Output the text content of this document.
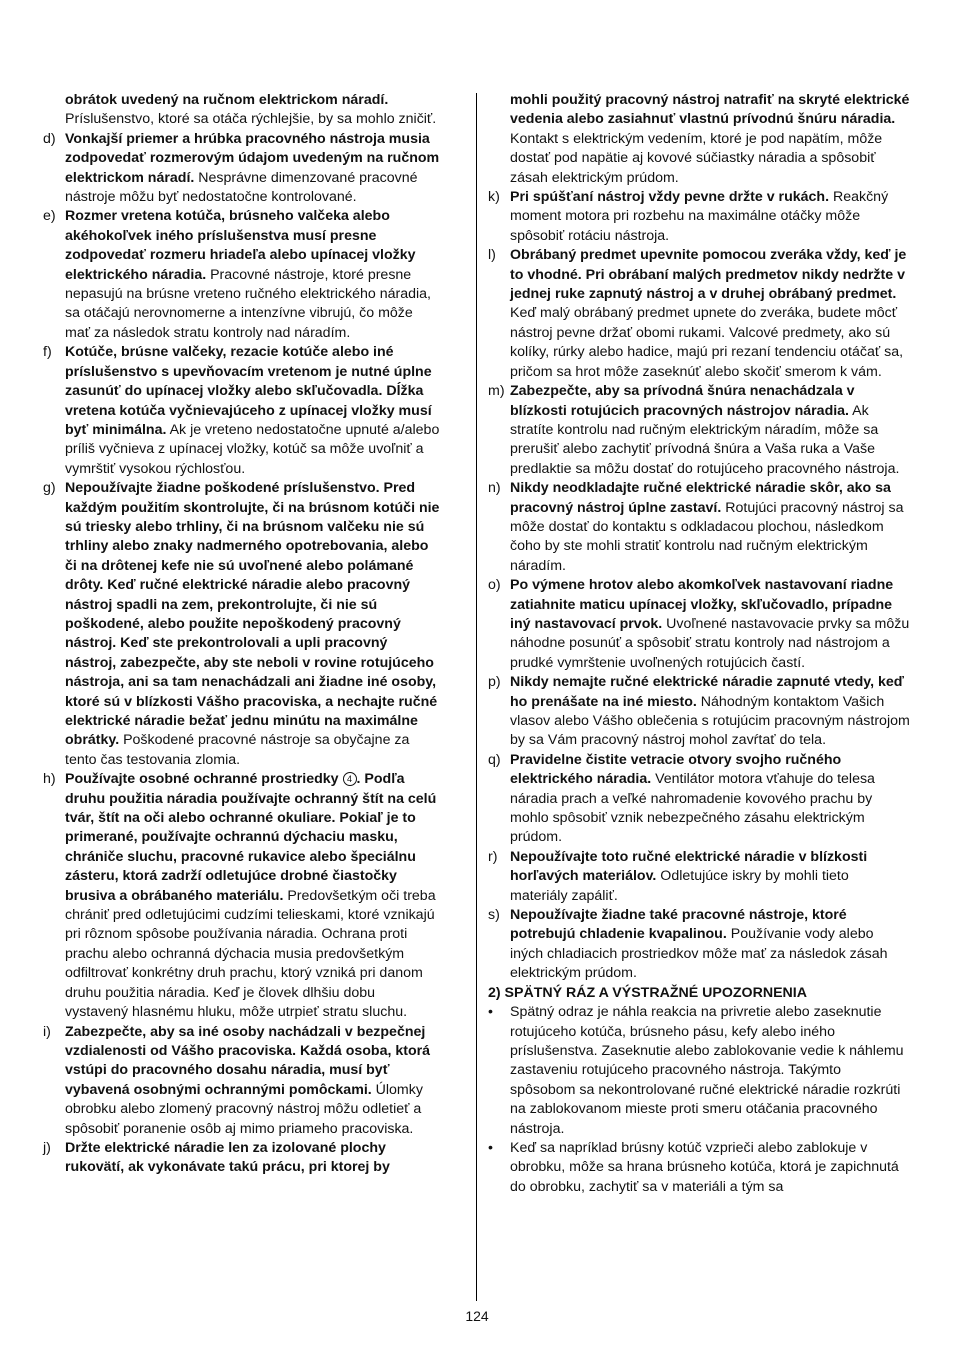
obrátok uvedený na ručnom elektrickom náradí. Príslušenstvo, ktoré sa otáča rýchlejšie, by sa mohlo zničiť.

d) Vonkajší priemer a hrúbka pracovného nástroja musia zodpovedať rozmerovým údajom uvedeným na ručnom elektrickom náradí. Nesprávne dimenzované pracovné nástroje môžu byť nedostatočne kontrolované.

e) Rozmer vretena kotúča, brúsneho valčeka alebo akéhokoľvek iného príslušenstva musí presne zodpovedať rozmeru hriadeľa alebo upínacej vložky elektrického náradia. Pracovné nástroje, ktoré presne nepasujú na brúsne vreteno ručného elektrického náradia, sa otáčajú nerovnomerne a intenzívne vibrujú, čo môže mať za následok stratu kontroly nad náradím.

f) Kotúče, brúsne valčeky, rezacie kotúče alebo iné príslušenstvo s upevňovacím vretenom je nutné úplne zasunúť do upínacej vložky alebo skľučovadla. Dĺžka vretena kotúča vyčnievajúceho z upínacej vložky musí byť minimálna. Ak je vreteno nedostatočne upnuté a/alebo príliš vyčnieva z upínacej vložky, kotúč sa môže uvoľniť a vymrštiť vysokou rýchlosťou.

g) Nepoužívajte žiadne poškodené príslušenstvo. Pred každým použitím skontrolujte, či na brúsnom kotúči nie sú triesky alebo trhliny, či na brúsnom valčeku nie sú trhliny alebo znaky nadmerného opotrebovania, alebo či na drôtenej kefe nie sú uvoľnené alebo polámané drôty. Keď ručné elektrické náradie alebo pracovný nástroj spadli na zem, prekontrolujte, či nie sú poškodené, alebo použite nepoškodený pracovný nástroj. Keď ste prekontrolovali a upli pracovný nástroj, zabezpečte, aby ste neboli v rovine rotujúceho nástroja, ani sa tam nenachádzali ani žiadne iné osoby, ktoré sú v blízkosti Vášho pracoviska, a nechajte ručné elektrické náradie bežať jednu minútu na maximálne obrátky. Poškodené pracovné nástroje sa obyčajne za tento čas testovania zlomia.

h) Používajte osobné ochranné prostriedky 4 . Podľa druhu použitia náradia používajte ochranný štít na celú tvár, štít na oči alebo ochranné okuliare. Pokiaľ je to primerané, používajte ochrannú dýchaciu masku, chrániče sluchu, pracovné rukavice alebo špeciálnu zásteru, ktorá zadrží odletujúce drobné čiastočky brusiva a obrábaného materiálu. Predovšetkým oči treba chrániť pred odletujúcimi cudzími telieskami, ktoré vznikajú pri rôznom spôsobe používania náradia. Ochrana proti prachu alebo ochranná dýchacia musia predovšetkým odfiltrovať konkrétny druh prachu, ktorý vzniká pri danom druhu použitia náradia. Keď je človek dlhšiu dobu vystavený hlasnému hluku, môže utrpieť stratu sluchu.

i) Zabezpečte, aby sa iné osoby nachádzali v bezpečnej vzdialenosti od Vášho pracoviska. Každá osoba, ktorá vstúpi do pracovného dosahu náradia, musí byť vybavená osobnými ochrannými pomôckami. Úlomky obrobku alebo zlomený pracovný nástroj môžu odletieť a spôsobiť poranenie osôb aj mimo priameho pracoviska.

j) Držte elektrické náradie len za izolované plochy rukovätí, ak vykonávate takú prácu, pri ktorej by

mohli použitý pracovný nástroj natrafiť na skryté elektrické vedenia alebo zasiahnuť vlastnú prívodnú šnúru náradia. Kontakt s elektrickým vedením, ktoré je pod napätím, môže dostať pod napätie aj kovové súčiastky náradia a spôsobiť zásah elektrickým prúdom.

k) Pri spúšťaní nástroj vždy pevne držte v rukách. Reakčný moment motora pri rozbehu na maximálne otáčky môže spôsobiť rotáciu nástroja.

l) Obrábaný predmet upevnite pomocou zveráka vždy, keď je to vhodné. Pri obrábaní malých predmetov nikdy nedržte v jednej ruke zapnutý nástroj a v druhej obrábaný predmet. Keď malý obrábaný predmet upnete do zveráka, budete môcť nástroj pevne držať obomi rukami. Valcové predmety, ako sú kolíky, rúrky alebo hadice, majú pri rezaní tendenciu otáčať sa, pričom sa hrot môže zaseknúť alebo skočiť smerom k vám.

m) Zabezpečte, aby sa prívodná šnúra nenachádzala v blízkosti rotujúcich pracovných nástrojov náradia. Ak stratíte kontrolu nad ručným elektrickým náradím, môže sa prerušiť alebo zachytiť prívodná šnúra a Vaša ruka a Vaše predlaktie sa môžu dostať do rotujúceho pracovného nástroja.

n) Nikdy neodkladajte ručné elektrické náradie skôr, ako sa pracovný nástroj úplne zastaví. Rotujúci pracovný nástroj sa môže dostať do kontaktu s odkladacou plochou, následkom čoho by ste mohli stratiť kontrolu nad ručným elektrickým náradím.

o) Po výmene hrotov alebo akomkoľvek nastavovaní riadne zatiahnite maticu upínacej vložky, skľučovadlo, prípadne iný nastavovací prvok. Uvoľnené nastavovacie prvky sa môžu náhodne posunúť a spôsobiť stratu kontroly nad nástrojom a prudké vymrštenie uvoľnených rotujúcich častí.

p) Nikdy nemajte ručné elektrické náradie zapnuté vtedy, keď ho prenášate na iné miesto. Náhodným kontaktom Vašich vlasov alebo Vášho oblečenia s rotujúcim pracovným nástrojom by sa Vám pracovný nástroj mohol zavŕtať do tela.

q) Pravidelne čistite vetracie otvory svojho ručného elektrického náradia. Ventilátor motora vťahuje do telesa náradia prach a veľké nahromadenie kovového prachu by mohlo spôsobiť vznik nebezpečného zásahu elektrickým prúdom.

r) Nepoužívajte toto ručné elektrické náradie v blízkosti horľavých materiálov. Odletujúce iskry by mohli tieto materiály zapáliť.

s) Nepoužívajte žiadne také pracovné nástroje, ktoré potrebujú chladenie kvapalinou. Používanie vody alebo iných chladiacich prostriedkov môže mať za následok zásah elektrickým prúdom.

2) SPÄTNÝ RÁZ A VÝSTRAŽNÉ UPOZORNENIA

• Spätný odraz je náhla reakcia na privretie alebo zaseknutie rotujúceho kotúča, brúsneho pásu, kefy alebo iného príslušenstva. Zaseknutie alebo zablokovanie vedie k náhlemu zastaveniu rotujúceho pracovného nástroja. Takýmto spôsobom sa nekontrolované ručné elektrické náradie rozkrúti na zablokovanom mieste proti smeru otáčania pracovného nástroja.

• Keď sa napríklad brúsny kotúč vzprieči alebo zablokuje v obrobku, môže sa hrana brúsneho kotúča, ktorá je zapichnutá do obrobku, zachytiť sa v materiáli a tým sa

124
